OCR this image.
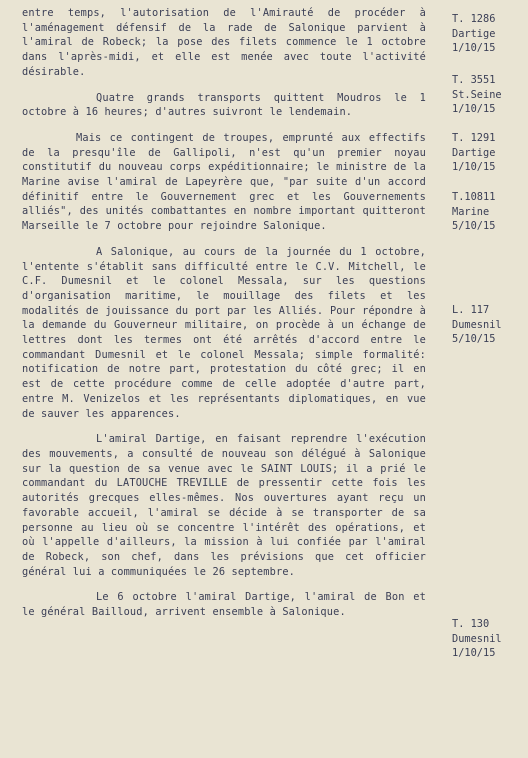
entre temps, l'autorisation de l'Amirauté de procéder à l'aménagement défensif de la rade de Salonique parvient à l'amiral de Robeck; la pose des filets commence le 1 octobre dans l'après-midi, et elle est menée avec toute l'activité désirable.

Quatre grands transports quittent Moudros le 1 octobre à 16 heures; d'autres suivront le lendemain.

Mais ce contingent de troupes, emprunté aux effectifs de la presqu'île de Gallipoli, n'est qu'un premier noyau constitutif du nouveau corps expéditionnaire; le ministre de la Marine avise l'amiral de Lapeyrère que, "par suite d'un accord définitif entre le Gouvernement grec et les Gouvernements alliés", des unités combattantes en nombre important quitteront Marseille le 7 octobre pour rejoindre Salonique.

A Salonique, au cours de la journée du 1 octobre, l'entente s'établit sans difficulté entre le C.V. Mitchell, le C.F. Dumesnil et le colonel Messala, sur les questions d'organisation maritime, le mouillage des filets et les modalités de jouissance du port par les Alliés. Pour répondre à la demande du Gouverneur militaire, on procède à un échange de lettres dont les termes ont été arrêtés d'accord entre le commandant Dumesnil et le colonel Messala; simple formalité: notification de notre part, protestation du côté grec; il en est de cette procédure comme de celle adoptée d'autre part, entre M. Venizelos et les représentants diplomatiques, en vue de sauver les apparences.

L'amiral Dartige, en faisant reprendre l'exécution des mouvements, a consulté de nouveau son délégué à Salonique sur la question de sa venue avec le SAINT LOUIS; il a prié le commandant du LATOUCHE TREVILLE de pressentir cette fois les autorités grecques elles-mêmes. Nos ouvertures ayant reçu un favorable accueil, l'amiral se décide à se transporter de sa personne au lieu où se concentre l'intérêt des opérations, et où l'appelle d'ailleurs, la mission à lui confiée par l'amiral de Robeck, son chef, dans les prévisions que cet officier général lui a communiquées le 26 septembre.

Le 6 octobre l'amiral Dartige, l'amiral de Bon et le général Bailloud, arrivent ensemble à Salonique.

T. 1286
Dartige
1/10/15
T. 3551
St.Seine
1/10/15
T. 1291
Dartige
1/10/15
T.10811
Marine
5/10/15
L. 117
Dumesnil
5/10/15
T. 130
Dumesnil
1/10/15
